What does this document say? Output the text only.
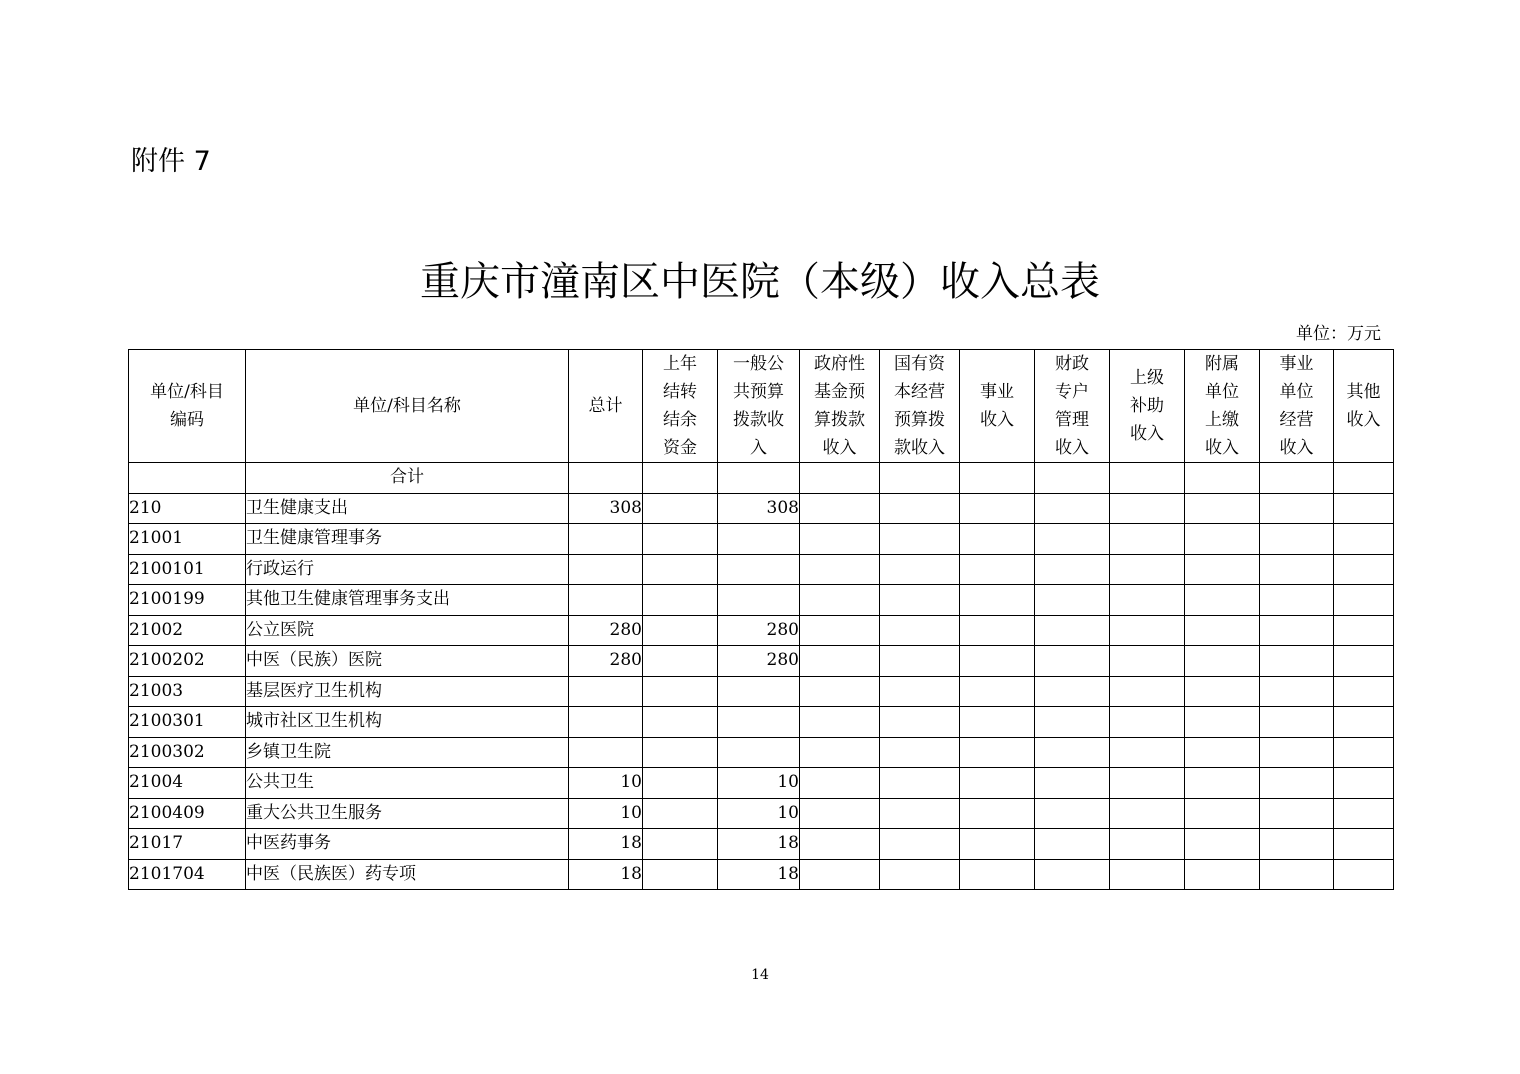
附件 7
重庆市潼南区中医院（本级）收入总表
单位：万元
单位/科目编码	单位/科目名称	总计	上年结转结余资金	一般公共预算拨款收入	政府性基金预算拨款收入	国有资本经营预算拨款收入	事业收入	财政专户管理收入	上级补助收入	附属单位上缴收入	事业单位经营收入	其他收入
	合计											
210	卫生健康支出	308		308								
21001	卫生健康管理事务											
2100101	行政运行											
2100199	其他卫生健康管理事务支出											
21002	公立医院	280		280								
2100202	中医（民族）医院	280		280								
21003	基层医疗卫生机构											
2100301	城市社区卫生机构											
2100302	乡镇卫生院											
21004	公共卫生	10		10								
2100409	重大公共卫生服务	10		10								
21017	中医药事务	18		18								
2101704	中医（民族医）药专项	18		18								
14
